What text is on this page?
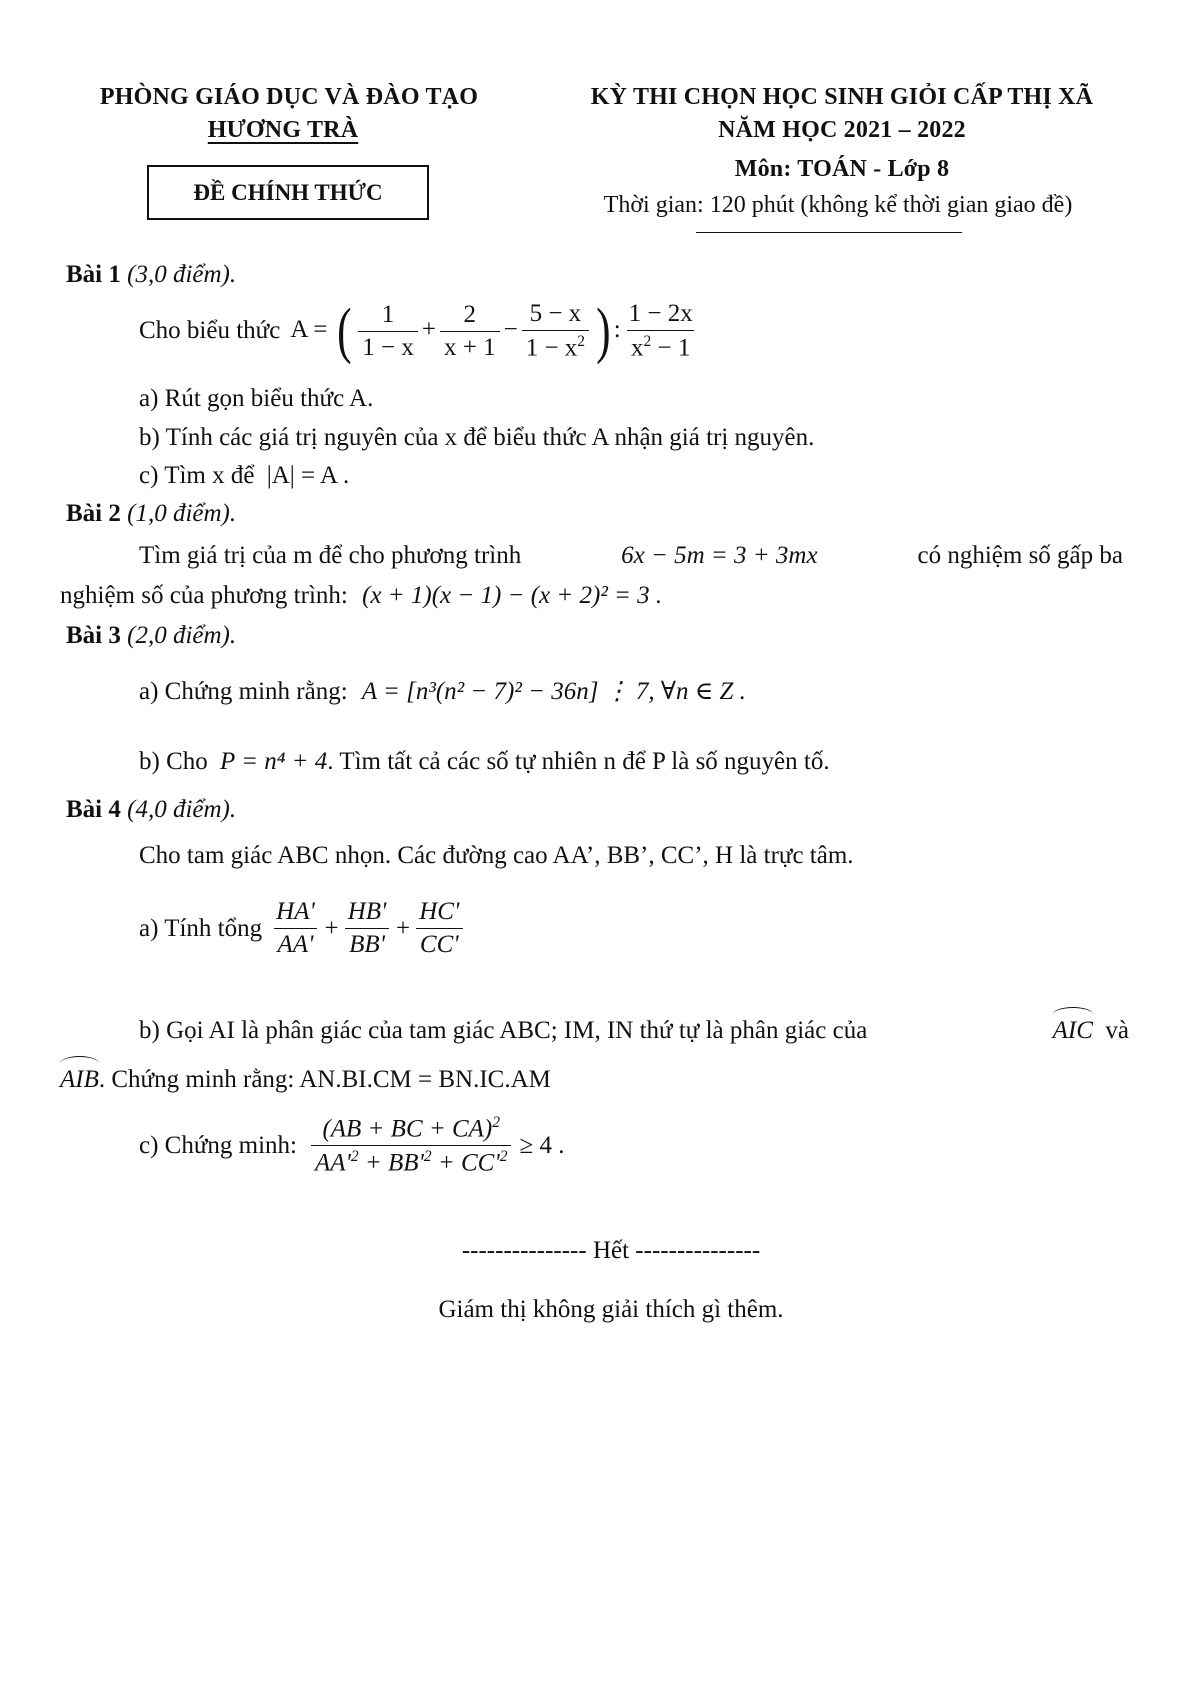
PHÒNG GIÁO DỤC VÀ ĐÀO TẠO
HƯƠNG TRÀ
ĐỀ CHÍNH THỨC
KỲ THI CHỌN HỌC SINH GIỎI CẤP THỊ XÃ
NĂM HỌC 2021 – 2022
Môn: TOÁN - Lớp 8
Thời gian: 120 phút (không kể thời gian giao đề)
Bài 1 (3,0 điểm).
Cho biểu thức A = ( $\frac{1}{1 - x} + \frac{2}{x + 1} - \frac{5 - x}{1 - x^2}$ ) : $\frac{1 - 2x}{x^2 - 1}$
a) Rút gọn biểu thức A.
b) Tính các giá trị nguyên của x để biểu thức A nhận giá trị nguyên.
c) Tìm x để |A| = A .
Bài 2 (1,0 điểm).
Tìm giá trị của m để cho phương trình	6x − 5m = 3 + 3mx	có nghiệm số gấp ba
nghiệm số của phương trình: (x + 1)(x − 1) − (x + 2)² = 3 .
Bài 3 (2,0 điểm).
a) Chứng minh rằng: A = [n³(n² − 7)² − 36n] ⋮ 7, ∀n ∈ Z .
b) Cho P = n⁴ + 4. Tìm tất cả các số tự nhiên n để P là số nguyên tố.
Bài 4 (4,0 điểm).
Cho tam giác ABC nhọn. Các đường cao AA’, BB’, CC’, H là trực tâm.
a) Tính tổng $\frac{HA'}{AA'} + \frac{HB'}{BB'} + \frac{HC'}{CC'}$
b) Gọi AI là phân giác của tam giác ABC; IM, IN thứ tự là phân giác của	AIC và
AIB. Chứng minh rằng: AN.BI.CM = BN.IC.AM
c) Chứng minh: $\frac{(AB + BC + CA)^2}{AA'^2 + BB'^2 + CC'^2} \ge 4$ .
--------------- Hết ---------------
Giám thị không giải thích gì thêm.
